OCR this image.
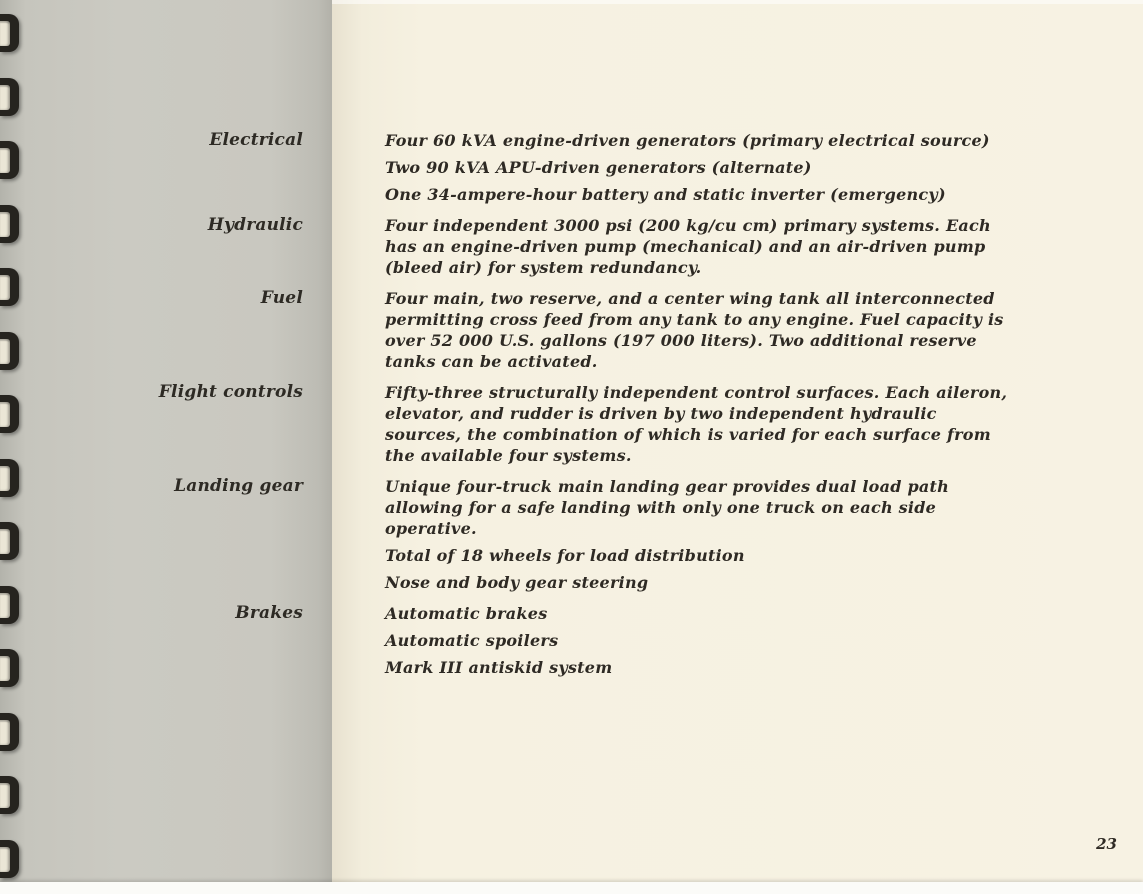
Electrical	Four 60 kVA engine-driven generators (primary electrical source)

Two 90 kVA APU-driven generators (alternate)

One 34-ampere-hour battery and static inverter (emergency)

Hydraulic	Four independent 3000 psi (200 kg/cu cm) primary systems. Each has an engine-driven pump (mechanical) and an air-driven pump (bleed air) for system redundancy.

Fuel	Four main, two reserve, and a center wing tank all interconnected permitting cross feed from any tank to any engine. Fuel capacity is over 52 000 U.S. gallons (197 000 liters). Two additional reserve tanks can be activated.

Flight controls	Fifty-three structurally independent control surfaces. Each aileron, elevator, and rudder is driven by two independent hydraulic sources, the combination of which is varied for each surface from the available four systems.

Landing gear	Unique four-truck main landing gear provides dual load path allowing for a safe landing with only one truck on each side operative.

Total of 18 wheels for load distribution

Nose and body gear steering

Brakes	Automatic brakes

Automatic spoilers

Mark III antiskid system

23
